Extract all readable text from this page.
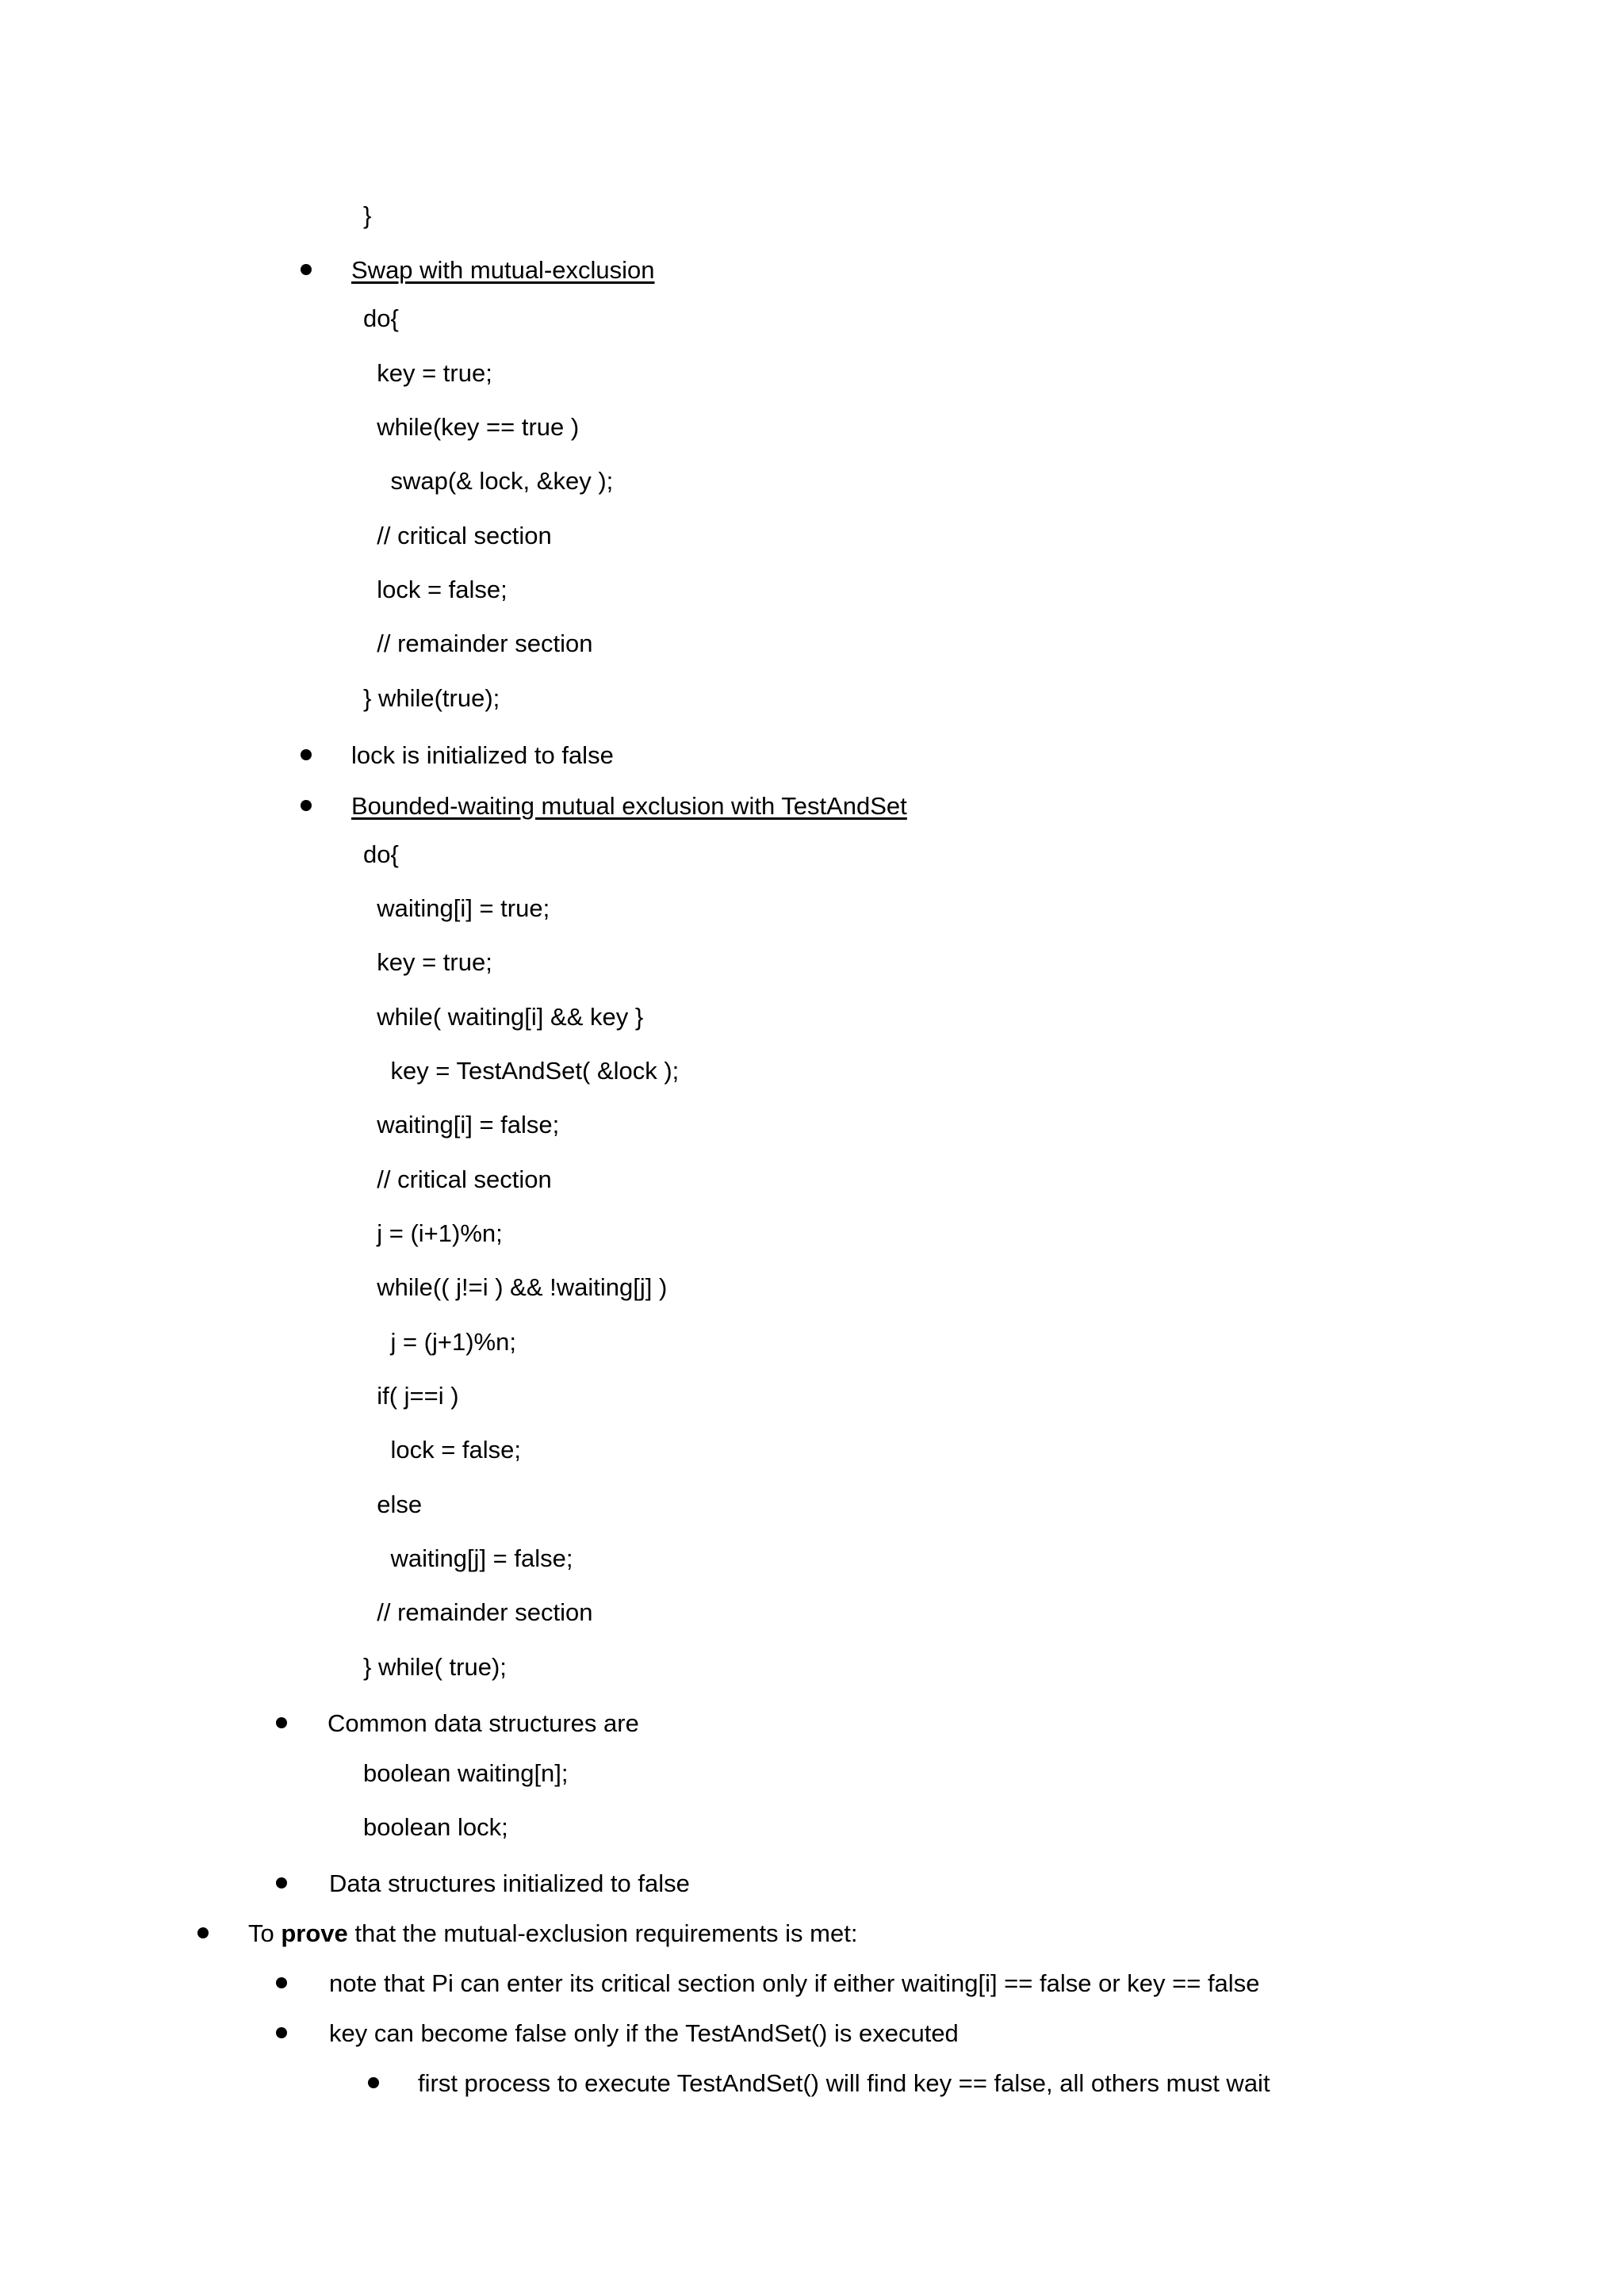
}
Swap with mutual-exclusion
do{
key = true;
while(key == true )
swap(& lock, &key );
// critical section
lock = false;
// remainder section
} while(true);
lock is initialized to false
Bounded-waiting mutual exclusion with TestAndSet
do{
waiting[i] = true;
key = true;
while( waiting[i] && key }
key = TestAndSet( &lock );
waiting[i] = false;
// critical section
j = (i+1)%n;
while(( j!=i ) && !waiting[j] )
j = (j+1)%n;
if( j==i )
lock = false;
else
waiting[j] = false;
// remainder section
} while( true);
Common data structures are
boolean waiting[n];
boolean lock;
Data structures initialized to false
To prove that the mutual-exclusion requirements is met:
note that Pi can enter its critical section only if either waiting[i] == false or key == false
key can become false only if the TestAndSet() is executed
first process to execute TestAndSet() will find key == false, all others must wait
